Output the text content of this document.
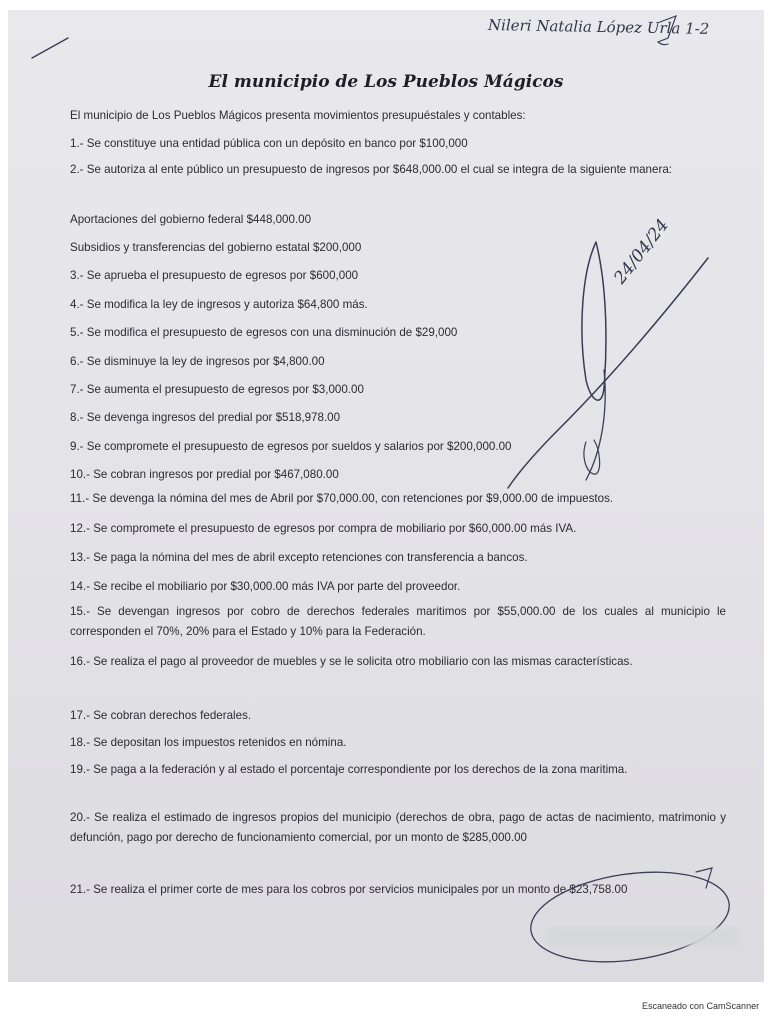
Nileri Natalia López Urla 1-2
El municipio de Los Pueblos Mágicos

El municipio de Los Pueblos Mágicos presenta movimientos presupuéstales y contables:

1.- Se constituye una entidad pública con un depósito en banco por $100,000

2.- Se autoriza al ente público un presupuesto de ingresos por $648,000.00 el cual se integra de la siguiente manera:

Aportaciones del gobierno federal $448,000.00

Subsidios y transferencias del gobierno estatal $200,000

3.- Se aprueba el presupuesto de egresos por $600,000

4.- Se modifica la ley de ingresos y autoriza $64,800 más.

5.- Se modifica el presupuesto de egresos con una disminución de $29,000

6.- Se disminuye la ley de ingresos por $4,800.00

7.- Se aumenta el presupuesto de egresos por $3,000.00

8.- Se devenga ingresos del predial por $518,978.00

9.- Se compromete el presupuesto de egresos por sueldos y salarios por $200,000.00

10.- Se cobran ingresos por predial por $467,080.00

11.- Se devenga la nómina del mes de Abril por $70,000.00, con retenciones por $9,000.00 de impuestos.

12.- Se compromete el presupuesto de egresos por compra de mobiliario por $60,000.00 más IVA.

13.- Se paga la nómina del mes de abril excepto retenciones con transferencia a bancos.

14.- Se recibe el mobiliario por $30,000.00 más IVA por parte del proveedor.

15.- Se devengan ingresos por cobro de derechos federales maritimos por $55,000.00 de los cuales al municipio le corresponden el 70%, 20% para el Estado y 10% para la Federación.

16.- Se realiza el pago al proveedor de muebles y se le solicita otro mobiliario con las mismas características.

17.- Se cobran derechos federales.

18.- Se depositan los impuestos retenidos en nómina.

19.- Se paga a la federación y al estado el porcentaje correspondiente por los derechos de la zona maritima.

20.- Se realiza el estimado de ingresos propios del municipio (derechos de obra, pago de actas de nacimiento, matrimonio y defunción, pago por derecho de funcionamiento comercial, por un monto de $285,000.00

21.- Se realiza el primer corte de mes para los cobros por servicios municipales por un monto de $23,758.00

24/04/24
Escaneado con CamScanner
